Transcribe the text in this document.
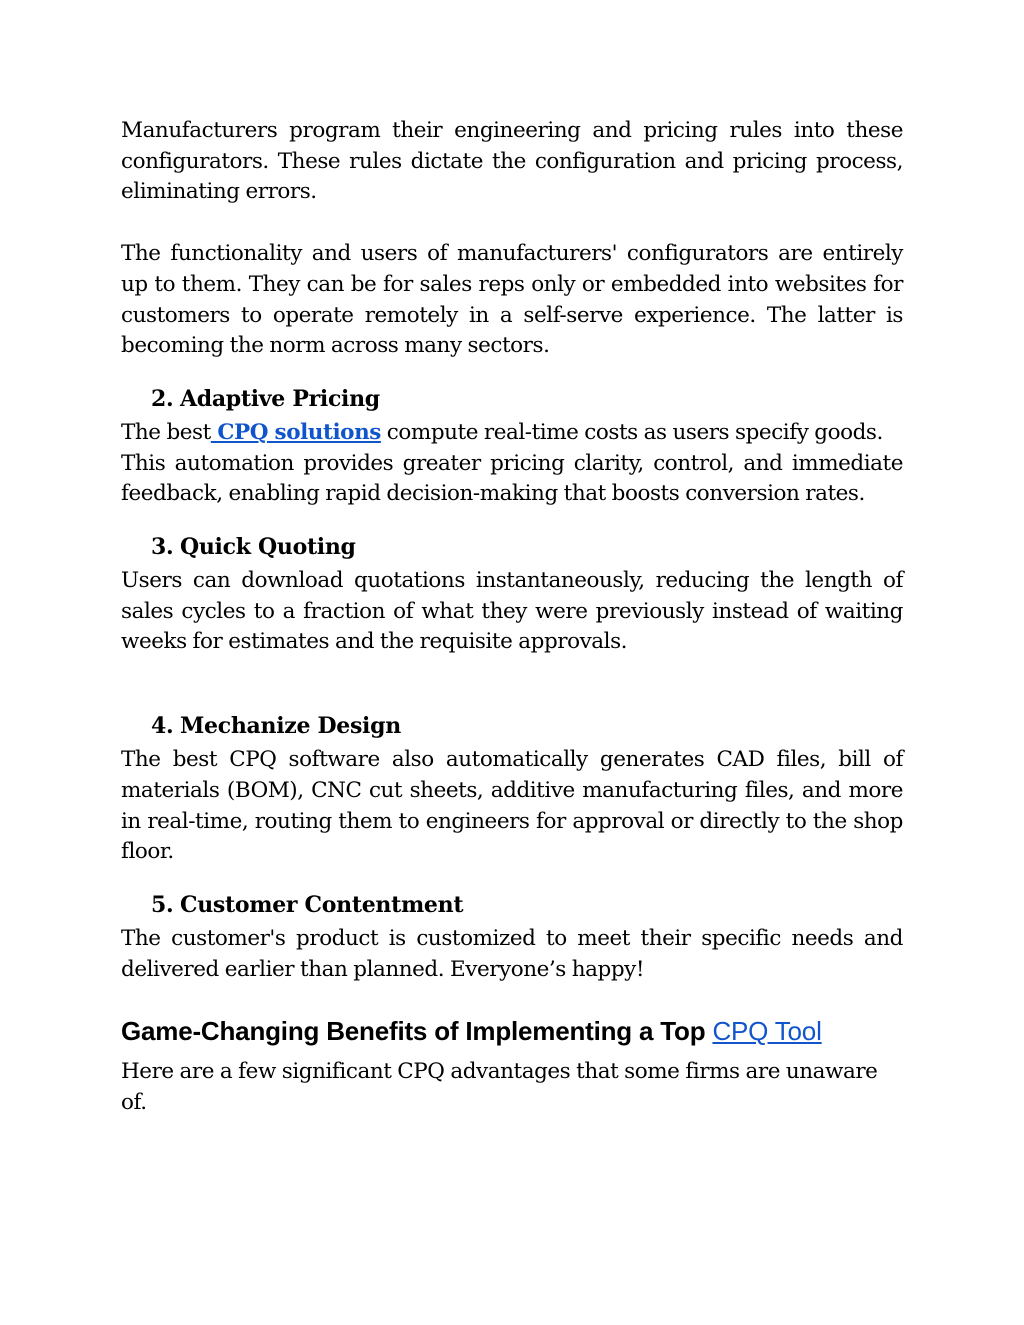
Manufacturers program their engineering and pricing rules into these configurators. These rules dictate the configuration and pricing process, eliminating errors.

The functionality and users of manufacturers' configurators are entirely up to them. They can be for sales reps only or embedded into websites for customers to operate remotely in a self-serve experience. The latter is becoming the norm across many sectors.

2. Adaptive Pricing

The best CPQ solutions compute real-time costs as users specify goods.

This automation provides greater pricing clarity, control, and immediate feedback, enabling rapid decision-making that boosts conversion rates.

3. Quick Quoting

Users can download quotations instantaneously, reducing the length of sales cycles to a fraction of what they were previously instead of waiting weeks for estimates and the requisite approvals.

4. Mechanize Design

The best CPQ software also automatically generates CAD files, bill of materials (BOM), CNC cut sheets, additive manufacturing files, and more in real-time, routing them to engineers for approval or directly to the shop floor.

5. Customer Contentment

The customer's product is customized to meet their specific needs and delivered earlier than planned. Everyone’s happy!

Game-Changing Benefits of Implementing a Top CPQ Tool

Here are a few significant CPQ advantages that some firms are unaware of.
